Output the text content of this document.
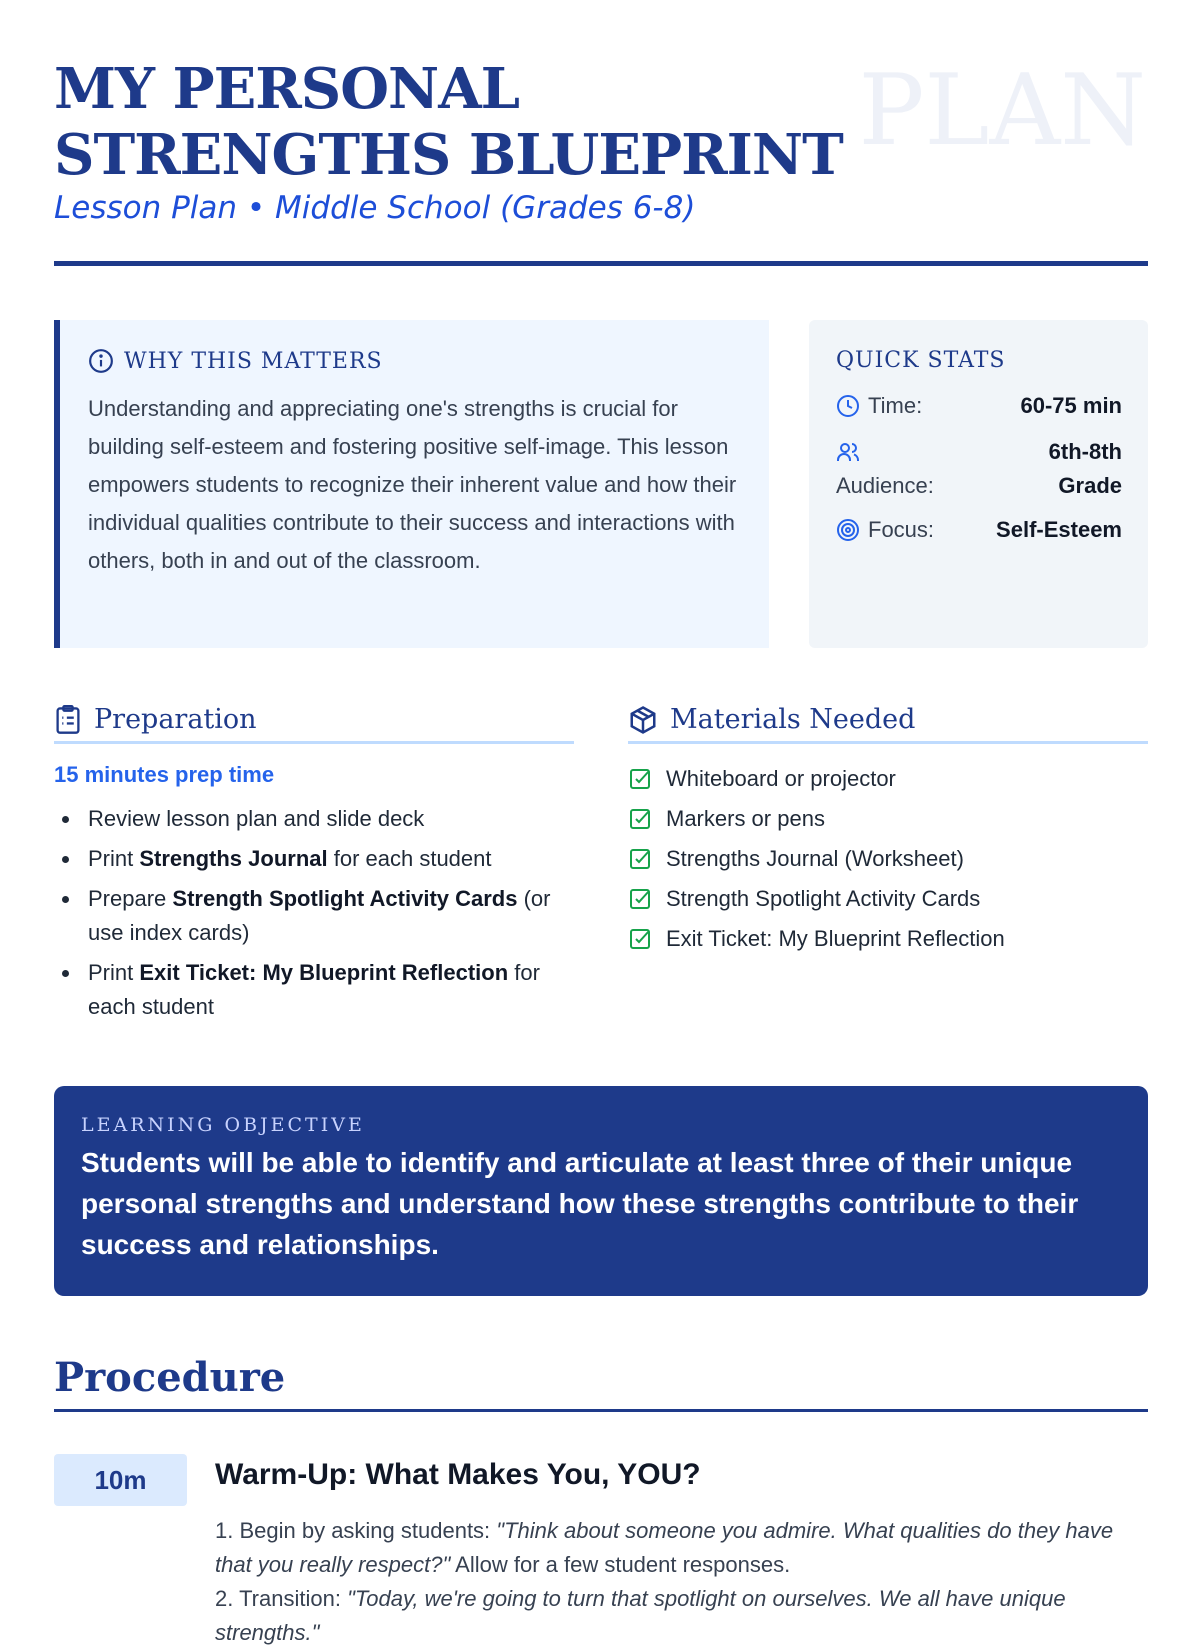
PLAN
MY PERSONAL STRENGTHS BLUEPRINT
Lesson Plan • Middle School (Grades 6-8)
WHY THIS MATTERS

Understanding and appreciating one's strengths is crucial for building self-esteem and fostering positive self-image. This lesson empowers students to recognize their inherent value and how their individual qualities contribute to their success and interactions with others, both in and out of the classroom.

QUICK STATS
Time:	60-75 min
Audience:
6th-8th
Grade
Focus:	Self-Esteem
Preparation
15 minutes prep time
Review lesson plan and slide deck
Print Strengths Journal for each student
Prepare Strength Spotlight Activity Cards (or use index cards)
Print Exit Ticket: My Blueprint Reflection for each student
Materials Needed
Whiteboard or projector
Markers or pens
Strengths Journal (Worksheet)
Strength Spotlight Activity Cards
Exit Ticket: My Blueprint Reflection
LEARNING OBJECTIVE

Students will be able to identify and articulate at least three of their unique personal strengths and understand how these strengths contribute to their success and relationships.

Procedure
10m	Warm-Up: What Makes You, YOU?

1. Begin by asking students: "Think about someone you admire. What qualities do they have that you really respect?" Allow for a few student responses.

2. Transition: "Today, we're going to turn that spotlight on ourselves. We all have unique strengths."
